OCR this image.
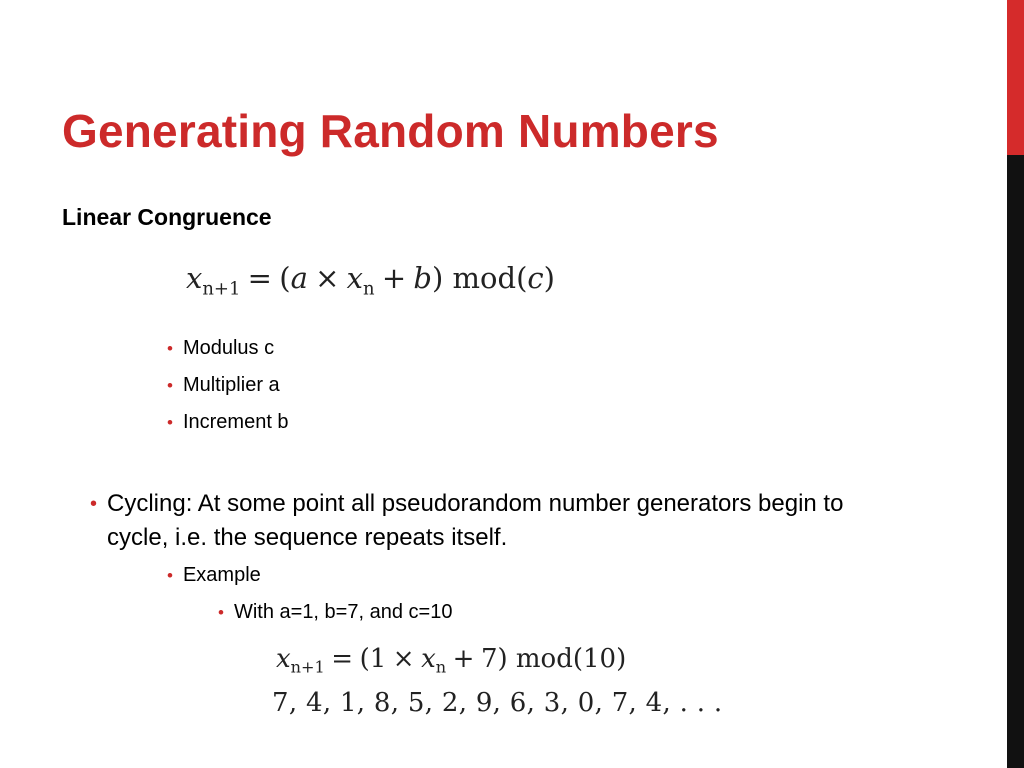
Generating Random Numbers
Linear Congruence
$x_{n+1} = (a \times x_n + b)$ mod(c)
• Modulus c
• Multiplier a
• Increment b
• Cycling: At some point all pseudorandom number generators begin to cycle, i.e. the sequence repeats itself.
• Example
• With a=1, b=7, and c=10
$x_{n+1} = (1 \times x_n + 7)$ mod(10)
7, 4, 1, 8, 5, 2, 9, 6, 3, 0, 7, 4, . . .
